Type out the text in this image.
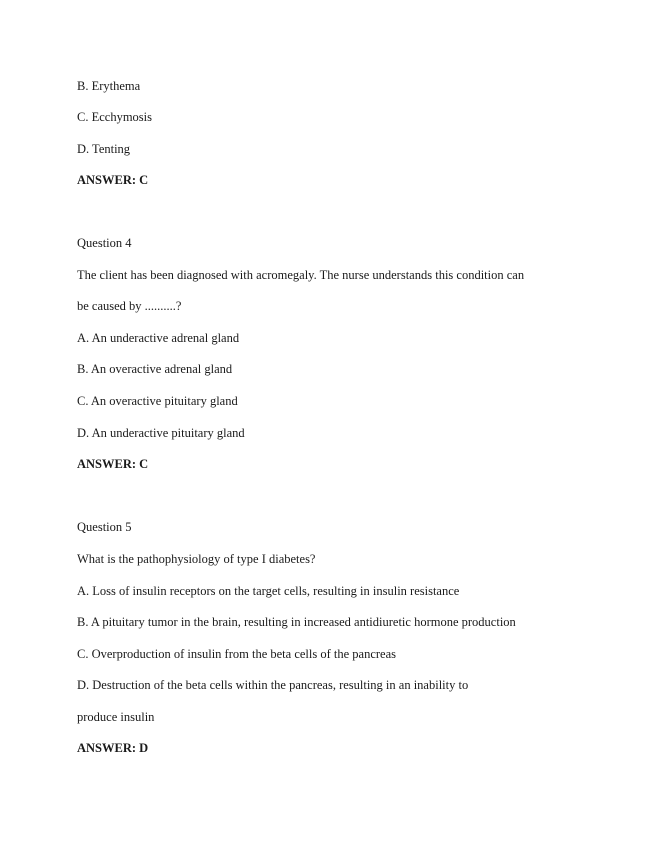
B. Erythema
C. Ecchymosis
D. Tenting
ANSWER: C
Question 4
The client has been diagnosed with acromegaly. The nurse understands this condition can
be caused by ..........?
A. An underactive adrenal gland
B. An overactive adrenal gland
C. An overactive pituitary gland
D. An underactive pituitary gland
ANSWER: C
Question 5
What is the pathophysiology of type I diabetes?
A. Loss of insulin receptors on the target cells, resulting in insulin resistance
B. A pituitary tumor in the brain, resulting in increased antidiuretic hormone production
C. Overproduction of insulin from the beta cells of the pancreas
D. Destruction of the beta cells within the pancreas, resulting in an inability to
produce insulin
ANSWER: D
